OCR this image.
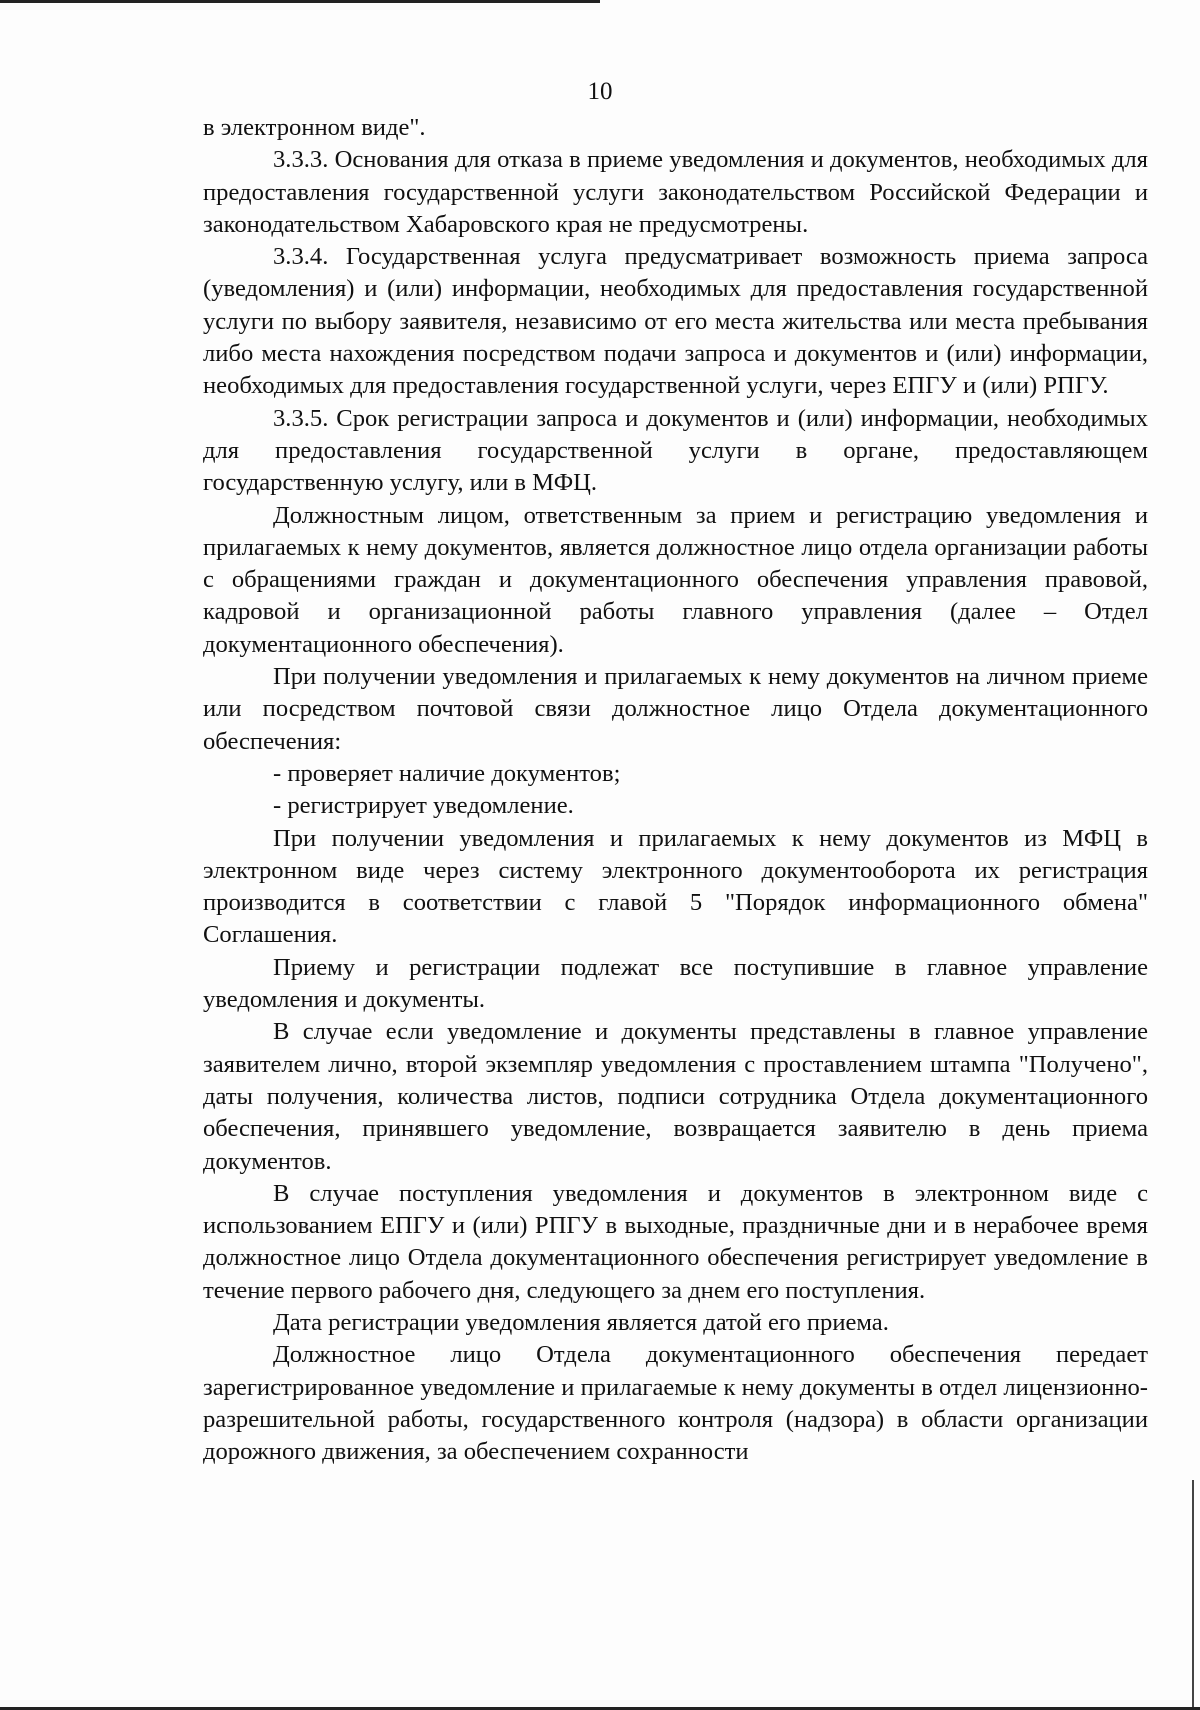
10

в электронном виде".

3.3.3. Основания для отказа в приеме уведомления и документов, необходимых для предоставления государственной услуги законодательством Российской Федерации и законодательством Хабаровского края не предусмотрены.

3.3.4. Государственная услуга предусматривает возможность приема запроса (уведомления) и (или) информации, необходимых для предоставления государственной услуги по выбору заявителя, независимо от его места жительства или места пребывания либо места нахождения посредством подачи запроса и документов и (или) информации, необходимых для предоставления государственной услуги, через ЕПГУ и (или) РПГУ.

3.3.5. Срок регистрации запроса и документов и (или) информации, необходимых для предоставления государственной услуги в органе, предоставляющем государственную услугу, или в МФЦ.

Должностным лицом, ответственным за прием и регистрацию уведомления и прилагаемых к нему документов, является должностное лицо отдела организации работы с обращениями граждан и документационного обеспечения управления правовой, кадровой и организационной работы главного управления (далее – Отдел документационного обеспечения).

При получении уведомления и прилагаемых к нему документов на личном приеме или посредством почтовой связи должностное лицо Отдела документационного обеспечения:

- проверяет наличие документов;

- регистрирует уведомление.

При получении уведомления и прилагаемых к нему документов из МФЦ в электронном виде через систему электронного документооборота их регистрация производится в соответствии с главой 5 "Порядок информационного обмена" Соглашения.

Приему и регистрации подлежат все поступившие в главное управление уведомления и документы.

В случае если уведомление и документы представлены в главное управление заявителем лично, второй экземпляр уведомления с проставлением штампа "Получено", даты получения, количества листов, подписи сотрудника Отдела документационного обеспечения, принявшего уведомление, возвращается заявителю в день приема документов.

В случае поступления уведомления и документов в электронном виде с использованием ЕПГУ и (или) РПГУ в выходные, праздничные дни и в нерабочее время должностное лицо Отдела документационного обеспечения регистрирует уведомление в течение первого рабочего дня, следующего за днем его поступления.

Дата регистрации уведомления является датой его приема.

Должностное лицо Отдела документационного обеспечения передает зарегистрированное уведомление и прилагаемые к нему документы в отдел лицензионно-разрешительной работы, государственного контроля (надзора) в области организации дорожного движения, за обеспечением сохранности
